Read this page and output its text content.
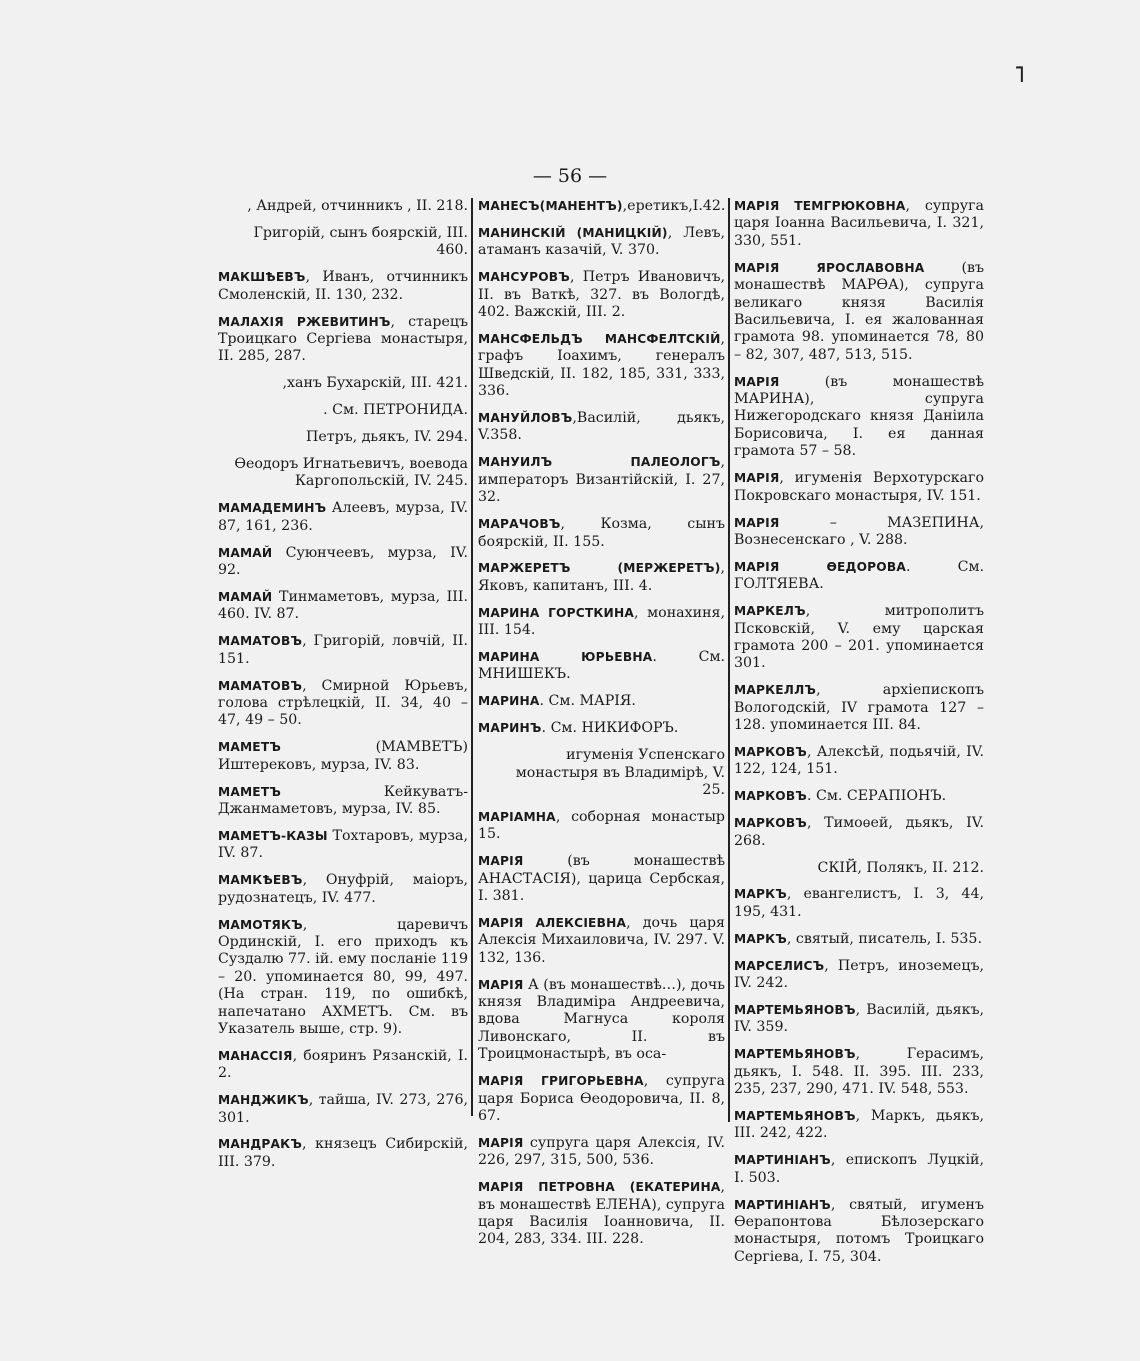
˥
— 56 —

, Андрей, отчинникъ , II. 218.

Григорій, сынъ боярскій, III. 460.

МАКШѢЕВЪ, Иванъ, отчинникъ Смоленскій, II. 130, 232.

МАЛАХІЯ РЖЕВИТИНЪ, старецъ Троицкаго Сергіева монастыря, II. 285, 287.

,ханъ Бухарскій, III. 421.

. См. ПЕТРОНИДА.

Петръ, дьякъ, IV. 294.

Ѳеодоръ Игнатьевичъ, воевода Каргопольскій, IV. 245.

МАМАДЕМИНЪ Алеевъ, мурза, IV. 87, 161, 236.

МАМАЙ Суюнчеевъ, мурза, IV. 92.

МАМАЙ Тинмаметовъ, мурза, III. 460. IV. 87.

МАМАТОВЪ, Григорій, ловчій, II. 151.

МАМАТОВЪ, Смирной Юрьевъ, голова стрѣлецкій, II. 34, 40 – 47, 49 – 50.

МАМЕТЪ (МАМВЕТЪ) Иштерековъ, мурза, IV. 83.

МАМЕТЪ Кейкуватъ-Джанмаметовъ, мурза, IV. 85.

МАМЕТЪ-КАЗЫ Тохтаровъ, мурза, IV. 87.

МАМКѢЕВЪ, Онуфрій, маіоръ, рудознатецъ, IV. 477.

МАМОТЯКЪ, царевичъ Ординскій, I. его приходъ къ Суздалю 77. ій. ему посланіе 119 – 20. упоминается 80, 99, 497. (На стран. 119, по ошибкѣ, напечатано АХМЕТЪ. См. въ Указатель выше, стр. 9).

МАНАССІЯ, бояринъ Рязанскій, I. 2.

МАНДЖИКЪ, тайша, IV. 273, 276, 301.

МАНДРАКЪ, князецъ Сибирскій, III. 379.

МАНЕСЪ(МАНЕНТЪ),еретикъ,I.42.

МАНИНСКІЙ (МАНИЦКІЙ), Левъ, атаманъ казачій, V. 370.

МАНСУРОВЪ, Петръ Ивановичъ, II. въ Ваткѣ, 327. въ Вологдѣ, 402. Важскій, III. 2.

МАНСФЕЛЬДЪ МАНСФЕЛТСКІЙ, графъ Іоахимъ, генералъ Шведскій, II. 182, 185, 331, 333, 336.

МАНУЙЛОВЪ,Василій, дьякъ, V.358.

МАНУИЛЪ ПАЛЕОЛОГЪ, императоръ Византійскій, I. 27, 32.

МАРАЧОВЪ, Козма, сынъ боярскій, II. 155.

МАРЖЕРЕТЪ (МЕРЖЕРЕТЪ), Яковъ, капитанъ, III. 4.

МАРИНА ГОРСТКИНА, монахиня, III. 154.

МАРИНА ЮРЬЕВНА. См. МНИШЕКЪ.

МАРИНА. См. МАРІЯ.

МАРИНЪ. См. НИКИФОРЪ.

игуменія Успенскаго монастыря въ Владимірѣ, V. 25.

МАРІАМНА, соборная монастыр 15.

МАРІЯ (въ монашествѣ АНАСТАСІЯ), царица Сербская, I. 381.

МАРІЯ АЛЕКСІЕВНА, дочь царя Алексія Михаиловича, IV. 297. V. 132, 136.

МАРІЯ А (въ монашествѣ…), дочь князя Владиміра Андреевича, вдова Магнуса короля Ливонскаго, II. въ Троицмонастырѣ, въ оса-

МАРІЯ ГРИГОРЬЕВНА, супруга царя Бориса Ѳеодоровича, II. 8, 67.

МАРІЯ супруга царя Алексія, IV. 226, 297, 315, 500, 536.

МАРІЯ ПЕТРОВНА (ЕКАТЕРИНА, въ монашествѣ ЕЛЕНА), супруга царя Василія Іоанновича, II. 204, 283, 334. III. 228.

МАРІЯ ТЕМГРЮКОВНА, супруга царя Іоанна Васильевича, I. 321, 330, 551.

МАРІЯ ЯРОСЛАВОВНА (въ монашествѣ МАРѲА), супруга великаго князя Василія Васильевича, I. ея жалованная грамота 98. упоминается 78, 80 – 82, 307, 487, 513, 515.

МАРІЯ (въ монашествѣ МАРИНА), супруга Нижегородскаго князя Даніила Борисовича, I. ея данная грамота 57 – 58.

МАРІЯ, игуменія Верхотурскаго Покровскаго монастыря, IV. 151.

МАРІЯ – МАЗЕПИНА, Вознесенскаго , V. 288.

МАРІЯ ѲЕДОРОВА. См. ГОЛТЯЕВА.

МАРКЕЛЪ, митрополитъ Псковскій, V. ему царская грамота 200 – 201. упоминается 301.

МАРКЕЛЛЪ, архіепископъ Вологодскій, IV грамота 127 – 128. упоминается III. 84.

МАРКОВЪ, Алексѣй, подьячій, IV. 122, 124, 151.

МАРКОВЪ. См. СЕРАПІОНЪ.

МАРКОВЪ, Тимоѳей, дьякъ, IV. 268.

СКІЙ, Полякъ, II. 212.

МАРКЪ, евангелистъ, I. 3, 44, 195, 431.

МАРКЪ, святый, писатель, I. 535.

МАРСЕЛИСЪ, Петръ, иноземецъ, IV. 242.

МАРТЕМЬЯНОВЪ, Василій, дьякъ, IV. 359.

МАРТЕМЬЯНОВЪ, Герасимъ, дьякъ, I. 548. II. 395. III. 233, 235, 237, 290, 471. IV. 548, 553.

МАРТЕМЬЯНОВЪ, Маркъ, дьякъ, III. 242, 422.

МАРТИНІАНЪ, епископъ Луцкій, I. 503.

МАРТИНІАНЪ, святый, игуменъ Ѳерапонтова Бѣлозерскаго монастыря, потомъ Троицкаго Сергіева, I. 75, 304.
